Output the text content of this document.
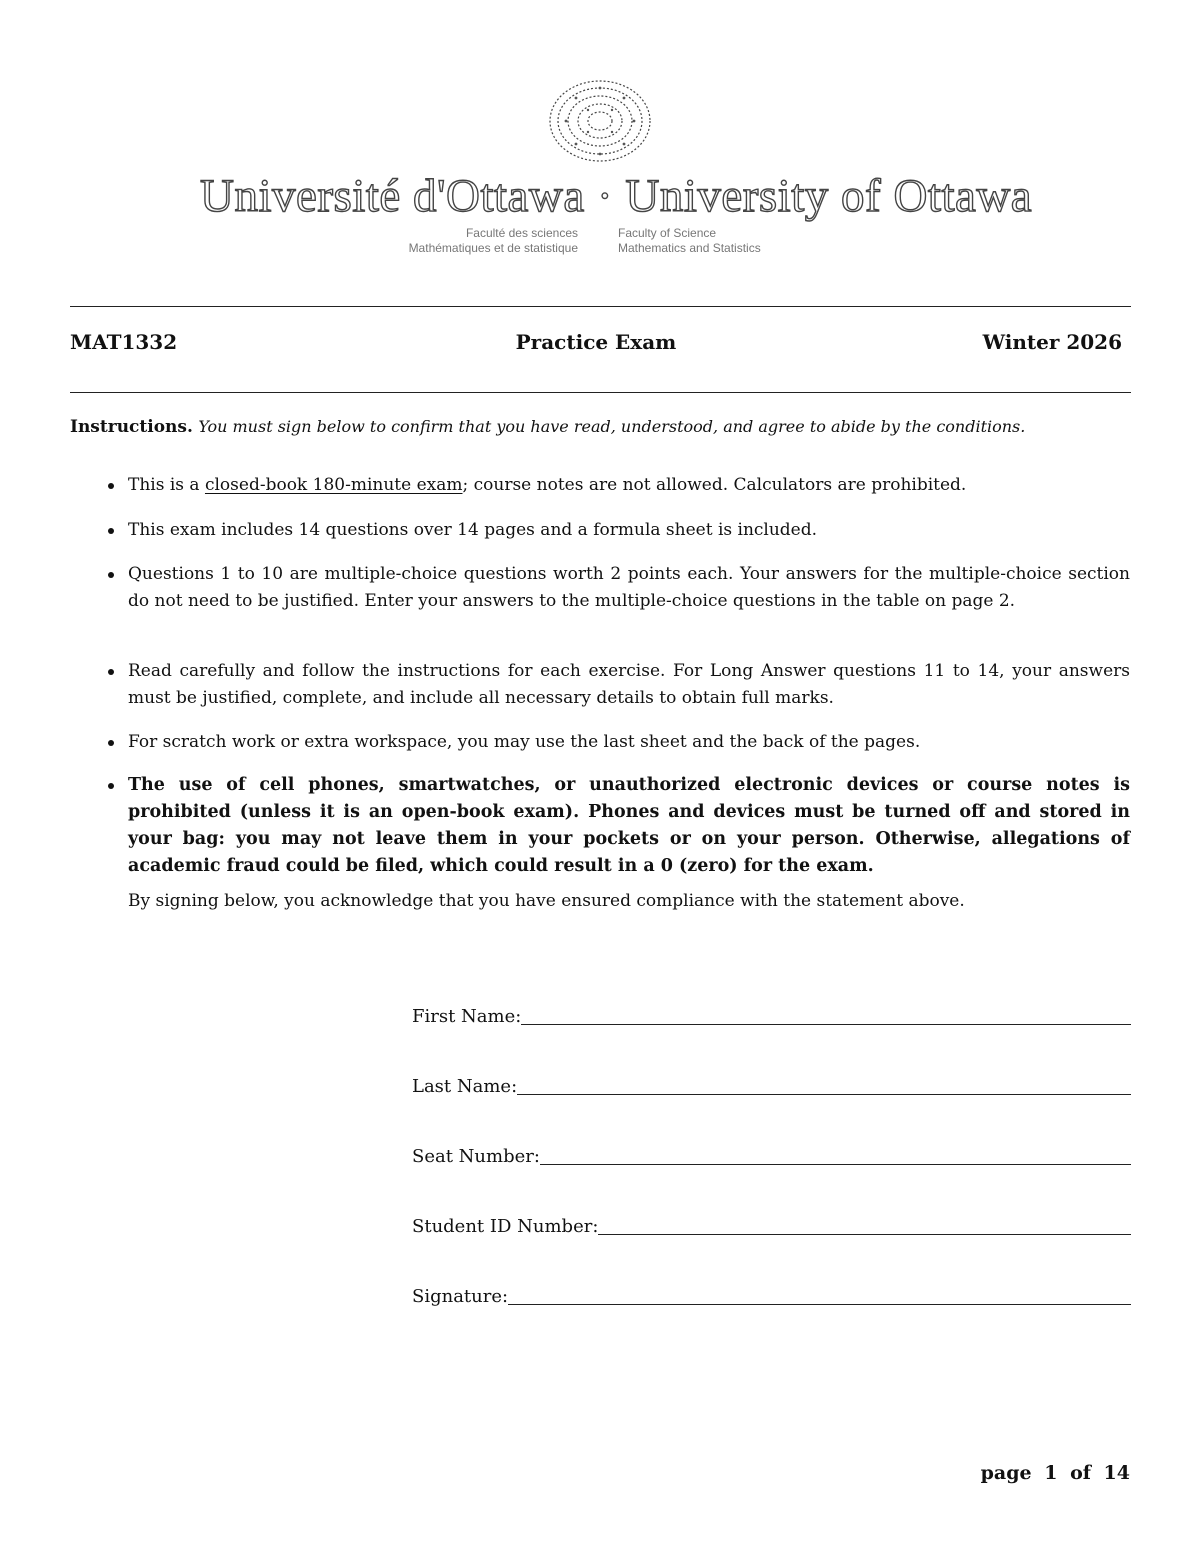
Université d'Ottawa · University of Ottawa
Faculté des sciences
Mathématiques et de statistique
Faculty of Science
Mathematics and Statistics
Practice Exam
MAT1332	Winter 2026
Instructions. You must sign below to confirm that you have read, understood, and agree to abide by the conditions.
This is a closed-book 180-minute exam; course notes are not allowed. Calculators are prohibited.
This exam includes 14 questions over 14 pages and a formula sheet is included.
Questions 1 to 10 are multiple-choice questions worth 2 points each. Your answers for the multiple-choice section do not need to be justified. Enter your answers to the multiple-choice questions in the table on page 2.
Read carefully and follow the instructions for each exercise. For Long Answer questions 11 to 14, your answers must be justified, complete, and include all necessary details to obtain full marks.
For scratch work or extra workspace, you may use the last sheet and the back of the pages.
The use of cell phones, smartwatches, or unauthorized electronic devices or course notes is prohibited (unless it is an open-book exam). Phones and devices must be turned off and stored in your bag: you may not leave them in your pockets or on your person. Otherwise, allegations of academic fraud could be filed, which could result in a 0 (zero) for the exam.
By signing below, you acknowledge that you have ensured compliance with the statement above.
First Name:
Last Name:
Seat Number:
Student ID Number:
Signature:
page 1 of 14
